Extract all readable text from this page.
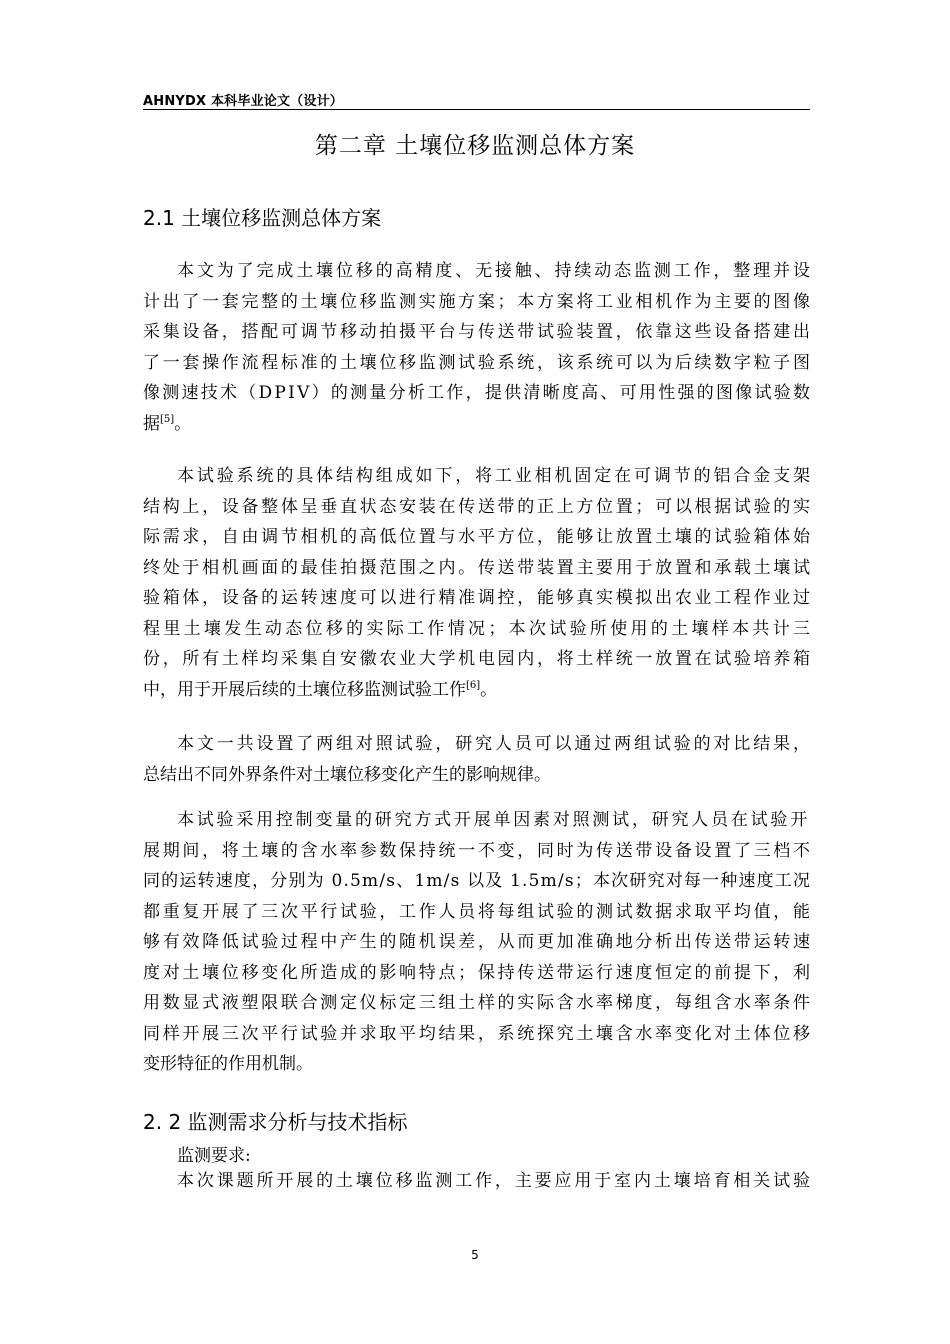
AHNYDX 本科毕业论文（设计）
第二章 土壤位移监测总体方案
2.1 土壤位移监测总体方案
本文为了完成土壤位移的高精度、无接触、持续动态监测工作，整理并设
计出了一套完整的土壤位移监测实施方案；本方案将工业相机作为主要的图像
采集设备，搭配可调节移动拍摄平台与传送带试验装置，依靠这些设备搭建出
了一套操作流程标准的土壤位移监测试验系统，该系统可以为后续数字粒子图
像测速技术（DPIV）的测量分析工作，提供清晰度高、可用性强的图像试验数
据[5]。
本试验系统的具体结构组成如下，将工业相机固定在可调节的铝合金支架
结构上，设备整体呈垂直状态安装在传送带的正上方位置；可以根据试验的实
际需求，自由调节相机的高低位置与水平方位，能够让放置土壤的试验箱体始
终处于相机画面的最佳拍摄范围之内。传送带装置主要用于放置和承载土壤试
验箱体，设备的运转速度可以进行精准调控，能够真实模拟出农业工程作业过
程里土壤发生动态位移的实际工作情况；本次试验所使用的土壤样本共计三
份，所有土样均采集自安徽农业大学机电园内，将土样统一放置在试验培养箱
中，用于开展后续的土壤位移监测试验工作[6]。
本文一共设置了两组对照试验，研究人员可以通过两组试验的对比结果，
总结出不同外界条件对土壤位移变化产生的影响规律。
本试验采用控制变量的研究方式开展单因素对照测试，研究人员在试验开
展期间，将土壤的含水率参数保持统一不变，同时为传送带设备设置了三档不
同的运转速度，分别为 0.5m/s、1m/s 以及 1.5m/s；本次研究对每一种速度工况
都重复开展了三次平行试验，工作人员将每组试验的测试数据求取平均值，能
够有效降低试验过程中产生的随机误差，从而更加准确地分析出传送带运转速
度对土壤位移变化所造成的影响特点；保持传送带运行速度恒定的前提下，利
用数显式液塑限联合测定仪标定三组土样的实际含水率梯度，每组含水率条件
同样开展三次平行试验并求取平均结果，系统探究土壤含水率变化对土体位移
变形特征的作用机制。
2. 2 监测需求分析与技术指标
监测要求:
本次课题所开展的土壤位移监测工作，主要应用于室内土壤培育相关试验
5
